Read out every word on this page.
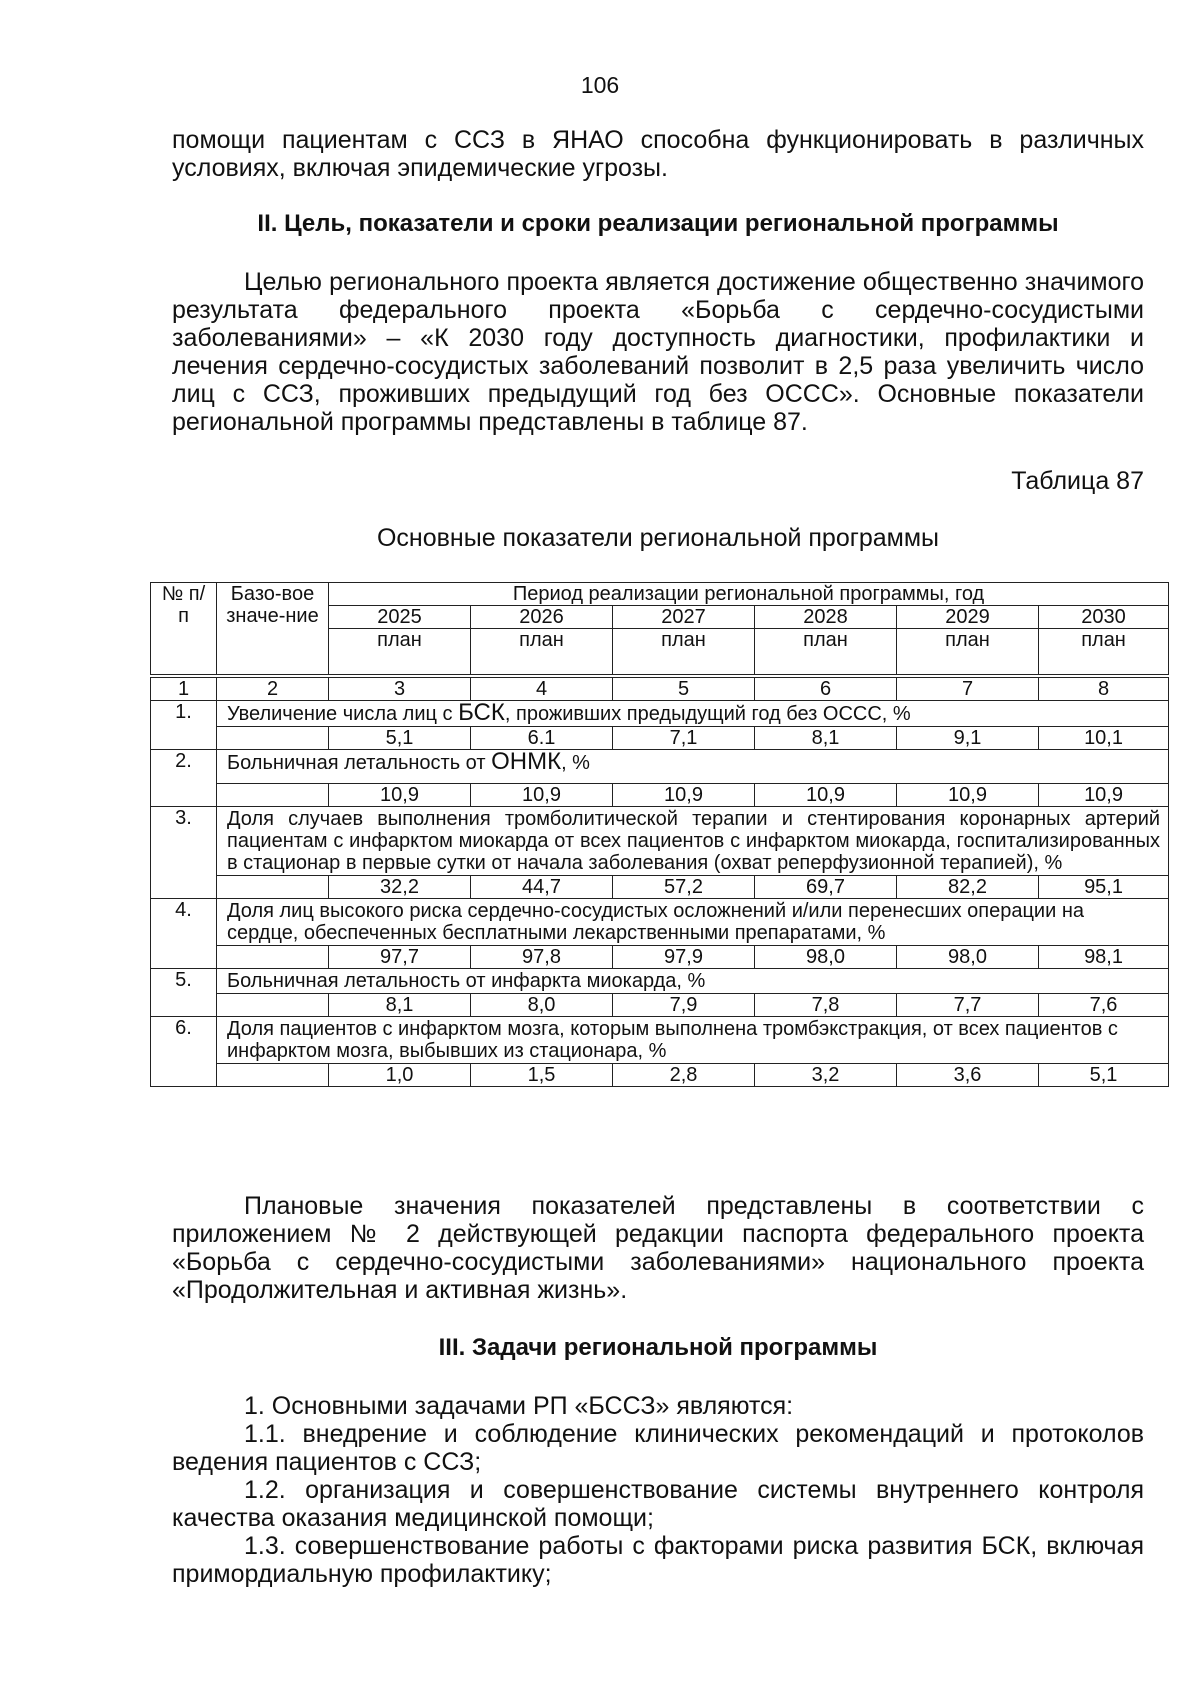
106

помощи пациентам с ССЗ в ЯНАО способна функционировать в различных условиях, включая эпидемические угрозы.

II. Цель, показатели и сроки реализации региональной программы

Целью регионального проекта является достижение общественно значимого результата федерального проекта «Борьба с сердечно-сосудистыми заболеваниями» – «К 2030 году доступность диагностики, профилактики и лечения сердечно-сосудистых заболеваний позволит в 2,5 раза увеличить число лиц с ССЗ, проживших предыдущий год без ОССС». Основные показатели региональной программы представлены в таблице 87.

Таблица 87

Основные показатели региональной программы

№ п/п	Базо-вое значе-ние	Период реализации региональной программы, год					
		2025	2026	2027	2028	2029	2030
		план	план	план	план	план	план

1	2	3	4	5	6	7	8
1.	Увеличение числа лиц с БСК, проживших предыдущий год без ОССС, %						
		5,1	6.1	7,1	8,1	9,1	10,1
2.	Больничная летальность от ОНМК, %						
		10,9	10,9	10,9	10,9	10,9	10,9
3.	Доля случаев выполнения тромболитической терапии и стентирования коронарных артерий пациентам с инфарктом миокарда от всех пациентов с инфарктом миокарда, госпитализированных в стационар в первые сутки от начала заболевания (охват реперфузионной терапией), %						
		32,2	44,7	57,2	69,7	82,2	95,1
4.	Доля лиц высокого риска сердечно-сосудистых осложнений и/или перенесших операции на сердце, обеспеченных бесплатными лекарственными препаратами, %						
		97,7	97,8	97,9	98,0	98,0	98,1
5.	Больничная летальность от инфаркта миокарда, %						
		8,1	8,0	7,9	7,8	7,7	7,6
6.	Доля пациентов с инфарктом мозга, которым выполнена тромбэкстракция, от всех пациентов с инфарктом мозга, выбывших из стационара, %						
		1,0	1,5	2,8	3,2	3,6	5,1

Плановые значения показателей представлены в соответствии с приложением № 2 действующей редакции паспорта федерального проекта «Борьба с сердечно-сосудистыми заболеваниями» национального проекта «Продолжительная и активная жизнь».

III. Задачи региональной программы

1. Основными задачами РП «БССЗ» являются:

1.1. внедрение и соблюдение клинических рекомендаций и протоколов ведения пациентов с ССЗ;

1.2. организация и совершенствование системы внутреннего контроля качества оказания медицинской помощи;

1.3. совершенствование работы с факторами риска развития БСК, включая примордиальную профилактику;
